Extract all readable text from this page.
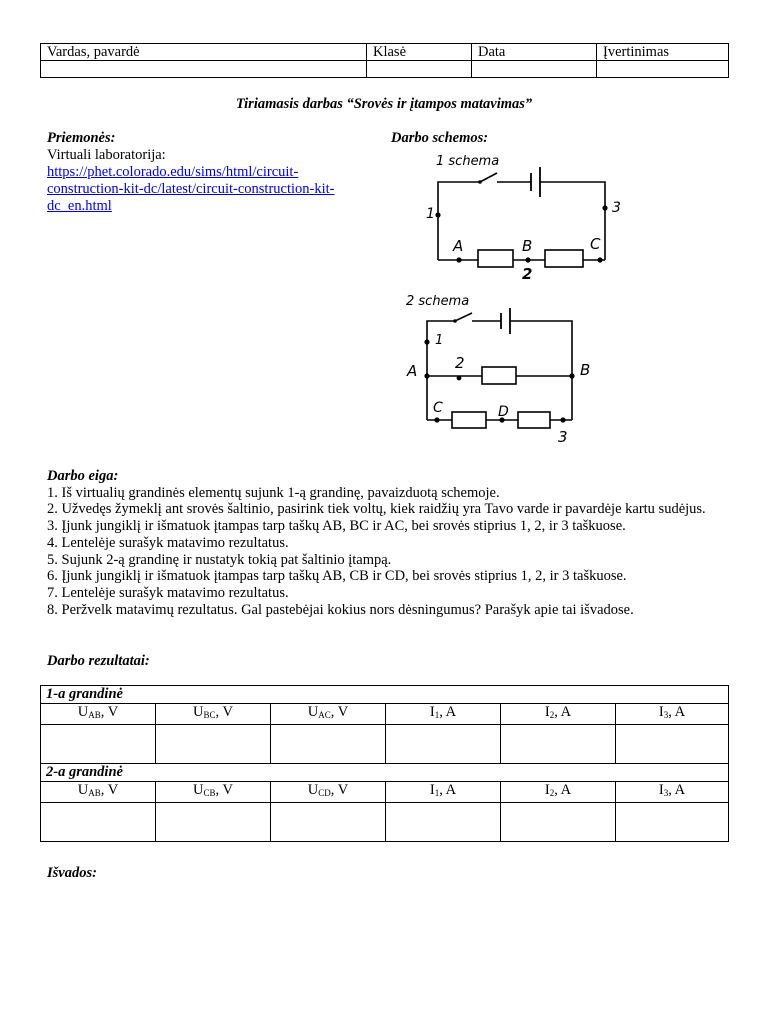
Vardas, pavardė	Klasė	Data	Įvertinimas

Tiriamasis darbas “Srovės ir įtampos matavimas”
Priemonės:
Virtuali laboratorija:
https://phet.colorado.edu/sims/html/circuit-
construction-kit-dc/latest/circuit-construction-kit-
dc_en.html
Darbo schemos:
1 schema
1	3
A	B	C
2
2 schema
1
A	2	B
C	D
3
Darbo eiga:
1. Iš virtualių grandinės elementų sujunk 1-ą grandinę, pavaizduotą schemoje.
2. Užvedęs žymeklį ant srovės šaltinio, pasirink tiek voltų, kiek raidžių yra Tavo varde ir pavardėje kartu sudėjus.
3. Įjunk jungiklį ir išmatuok įtampas tarp taškų AB, BC ir AC, bei srovės stiprius 1, 2, ir 3 taškuose.
4. Lentelėje surašyk matavimo rezultatus.
5. Sujunk 2-ą grandinę ir nustatyk tokią pat šaltinio įtampą.
6. Įjunk jungiklį ir išmatuok įtampas tarp taškų AB, CB ir CD, bei srovės stiprius 1, 2, ir 3 taškuose.
7. Lentelėje surašyk matavimo rezultatus.
8. Peržvelk matavimų rezultatus. Gal pastebėjai kokius nors dėsningumus? Parašyk apie tai išvadose.
Darbo rezultatai:
1-a grandinė					
$U_{AB}$, V	$U_{BC}$, V	$U_{AC}$, V	$I_1$, A	$I_2$, A	$I_3$, A

2-a grandinė					
$U_{AB}$, V	$U_{CB}$, V	$U_{CD}$, V	$I_1$, A	$I_2$, A	$I_3$, A

Išvados:
